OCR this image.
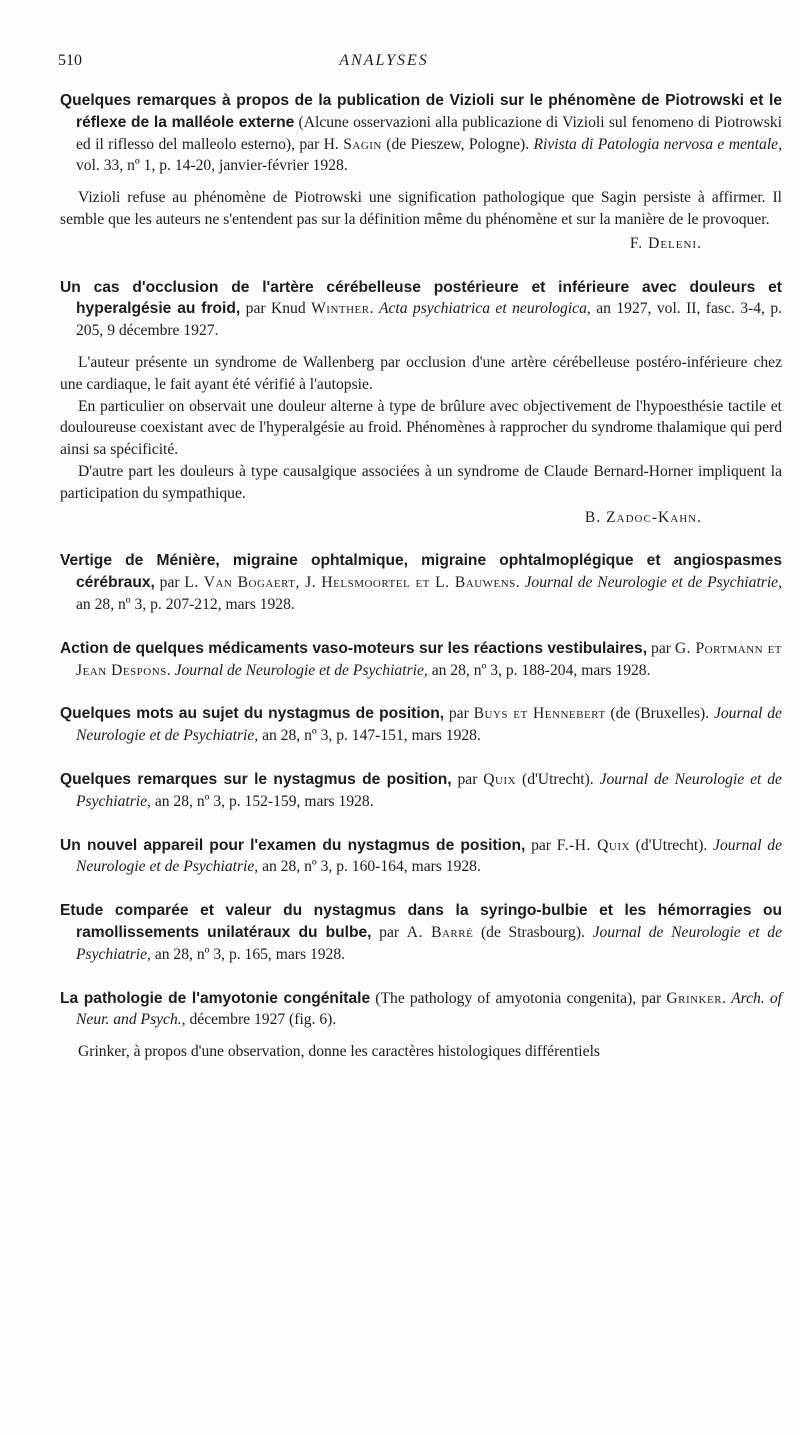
510	ANALYSES

Quelques remarques à propos de la publication de Vizioli sur le phénomène de Piotrowski et le réflexe de la malléole externe (Alcune osservazioni alla publicazione di Vizioli sul fenomeno di Piotrowski ed il riflesso del malleolo esterno), par H. Sagin (de Pieszew, Pologne). Rivista di Patologia nervosa e mentale, vol. 33, nº 1, p. 14-20, janvier-février 1928.

Vizioli refuse au phénomène de Piotrowski une signification pathologique que Sagin persiste à affirmer. Il semble que les auteurs ne s'entendent pas sur la définition même du phénomène et sur la manière de le provoquer.

F. Deleni.

Un cas d'occlusion de l'artère cérébelleuse postérieure et inférieure avec douleurs et hyperalgésie au froid, par Knud Winther. Acta psychiatrica et neurologica, an 1927, vol. II, fasc. 3-4, p. 205, 9 décembre 1927.

L'auteur présente un syndrome de Wallenberg par occlusion d'une artère cérébelleuse postéro-inférieure chez une cardiaque, le fait ayant été vérifié à l'autopsie.

En particulier on observait une douleur alterne à type de brûlure avec objectivement de l'hypoesthésie tactile et douloureuse coexistant avec de l'hyperalgésie au froid. Phénomènes à rapprocher du syndrome thalamique qui perd ainsi sa spécificité.

D'autre part les douleurs à type causalgique associées à un syndrome de Claude Bernard-Horner impliquent la participation du sympathique.

B. Zadoc-Kahn.

Vertige de Ménière, migraine ophtalmique, migraine ophtalmoplégique et angiospasmes cérébraux, par L. Van Bogaert, J. Helsmoortel et L. Bauwens. Journal de Neurologie et de Psychiatrie, an 28, nº 3, p. 207-212, mars 1928.

Action de quelques médicaments vaso-moteurs sur les réactions vestibulaires, par G. Portmann et Jean Despons. Journal de Neurologie et de Psychiatrie, an 28, nº 3, p. 188-204, mars 1928.

Quelques mots au sujet du nystagmus de position, par Buys et Hennebert (de (Bruxelles). Journal de Neurologie et de Psychiatrie, an 28, nº 3, p. 147-151, mars 1928.

Quelques remarques sur le nystagmus de position, par Quix (d'Utrecht). Journal de Neurologie et de Psychiatrie, an 28, nº 3, p. 152-159, mars 1928.

Un nouvel appareil pour l'examen du nystagmus de position, par F.-H. Quix (d'Utrecht). Journal de Neurologie et de Psychiatrie, an 28, nº 3, p. 160-164, mars 1928.

Etude comparée et valeur du nystagmus dans la syringo-bulbie et les hémorragies ou ramollissements unilatéraux du bulbe, par A. Barré (de Strasbourg). Journal de Neurologie et de Psychiatrie, an 28, nº 3, p. 165, mars 1928.

La pathologie de l'amyotonie congénitale (The pathology of amyotonia congenita), par Grinker. Arch. of Neur. and Psych., décembre 1927 (fig. 6).

Grinker, à propos d'une observation, donne les caractères histologiques différentiels
